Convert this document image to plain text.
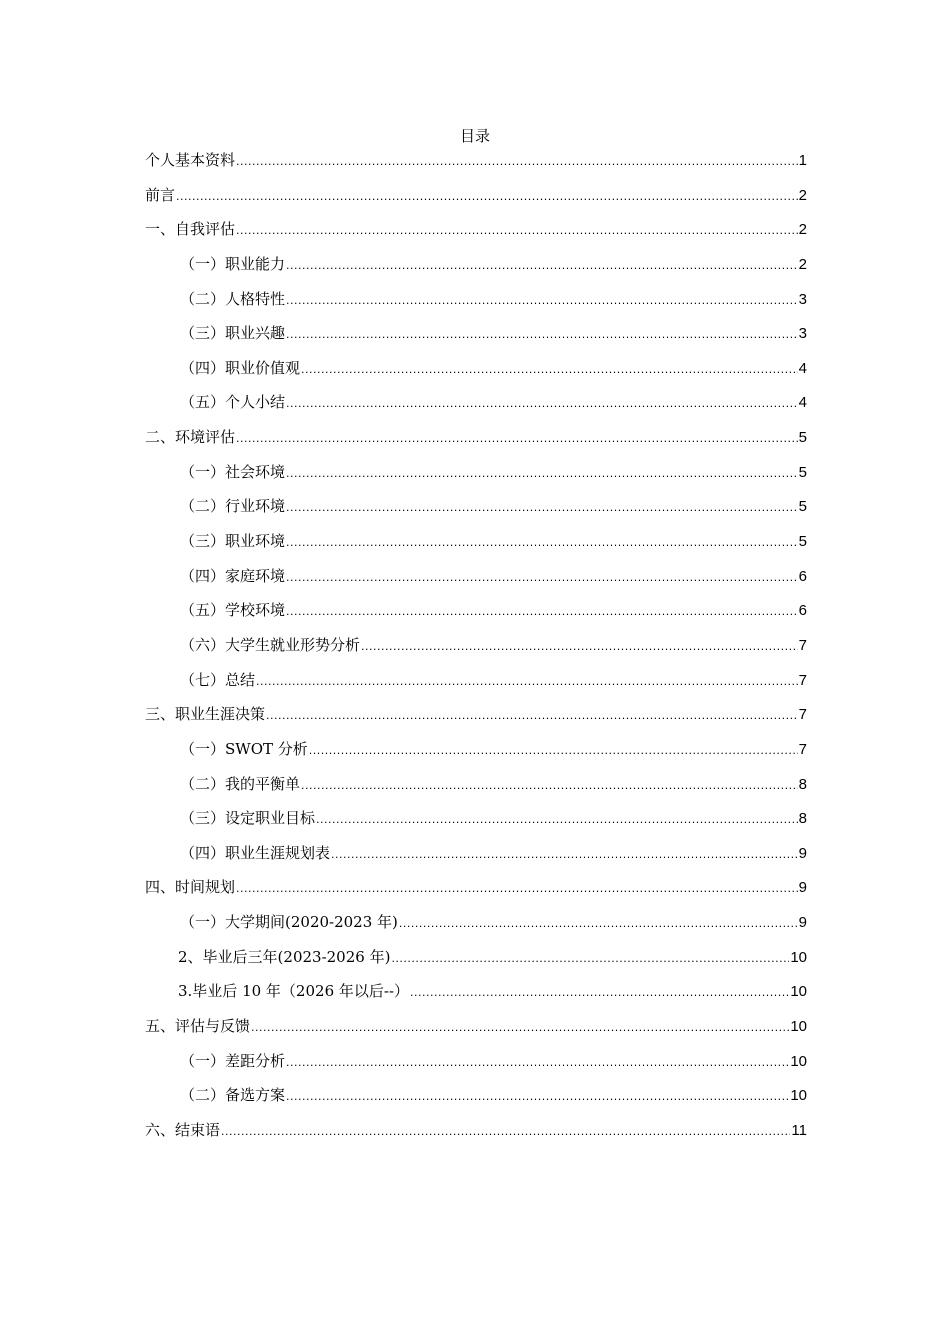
目录
个人基本资料 .....	1
前言 .....	2
一、自我评估 .....	2
（一）职业能力 .....	2
（二）人格特性 .....	3
（三）职业兴趣 .....	3
（四）职业价值观 .....	4
（五）个人小结 .....	4
二、环境评估 .....	5
（一）社会环境 .....	5
（二）行业环境 .....	5
（三）职业环境 .....	5
（四）家庭环境 .....	6
（五）学校环境 .....	6
（六）大学生就业形势分析 .....	7
（七）总结 .....	7
三、职业生涯决策 .....	7
（一）SWOT 分析 .....	7
（二）我的平衡单 .....	8
（三）设定职业目标 .....	8
（四）职业生涯规划表 .....	9
四、时间规划 .....	9
（一）大学期间(2020-2023 年) .....	9
2、毕业后三年(2023-2026 年) .....	10
3.毕业后 10 年（2026 年以后--） .....	10
五、评估与反馈 .....	10
（一）差距分析 .....	10
（二）备选方案 .....	10
六、结束语 .....	11
